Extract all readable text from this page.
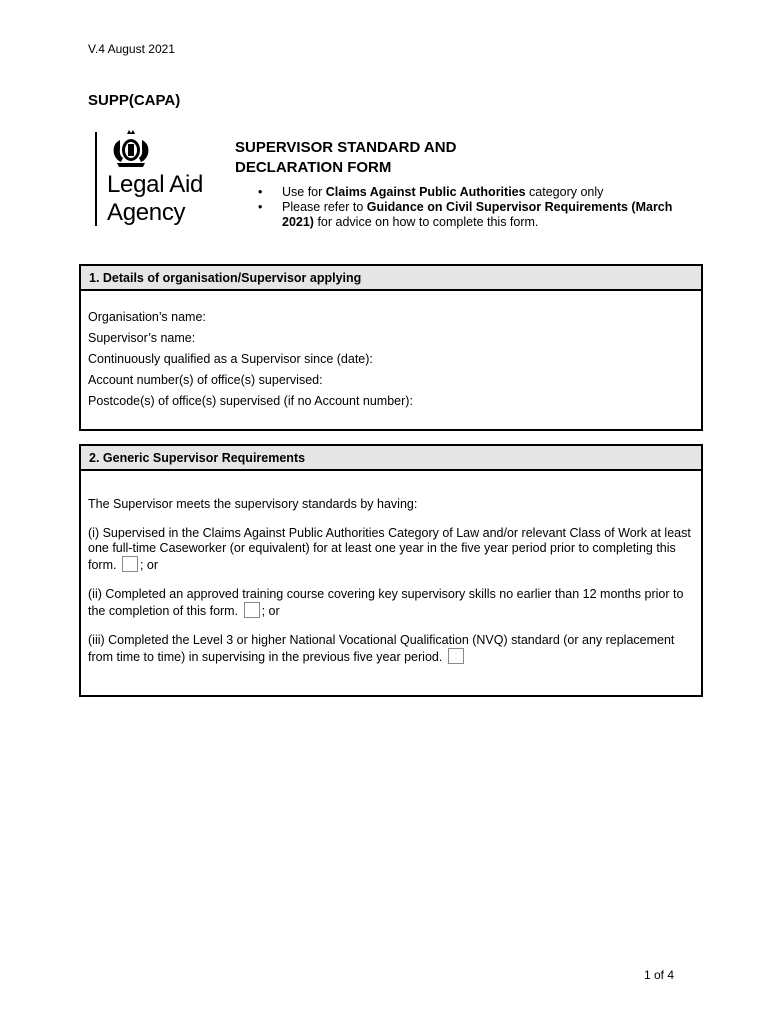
V.4 August 2021
SUPP(CAPA)
Legal Aid
Agency
SUPERVISOR STANDARD AND
DECLARATION FORM
• Use for Claims Against Public Authorities category only
• Please refer to Guidance on Civil Supervisor Requirements (March 2021) for advice on how to complete this form.
1. Details of organisation/Supervisor applying
Organisation’s name:
Supervisor’s name:
Continuously qualified as a Supervisor since (date):
Account number(s) of office(s) supervised:
Postcode(s) of office(s) supervised (if no Account number):
2. Generic Supervisor Requirements

The Supervisor meets the supervisory standards by having:

(i) Supervised in the Claims Against Public Authorities Category of Law and/or relevant Class of Work at least one full-time Caseworker (or equivalent) for at least one year in the five year period prior to completing this form. ; or

(ii) Completed an approved training course covering key supervisory skills no earlier than 12 months prior to the completion of this form. ; or

(iii) Completed the Level 3 or higher National Vocational Qualification (NVQ) standard (or any replacement from time to time) in supervising in the previous five year period.

1 of 4
